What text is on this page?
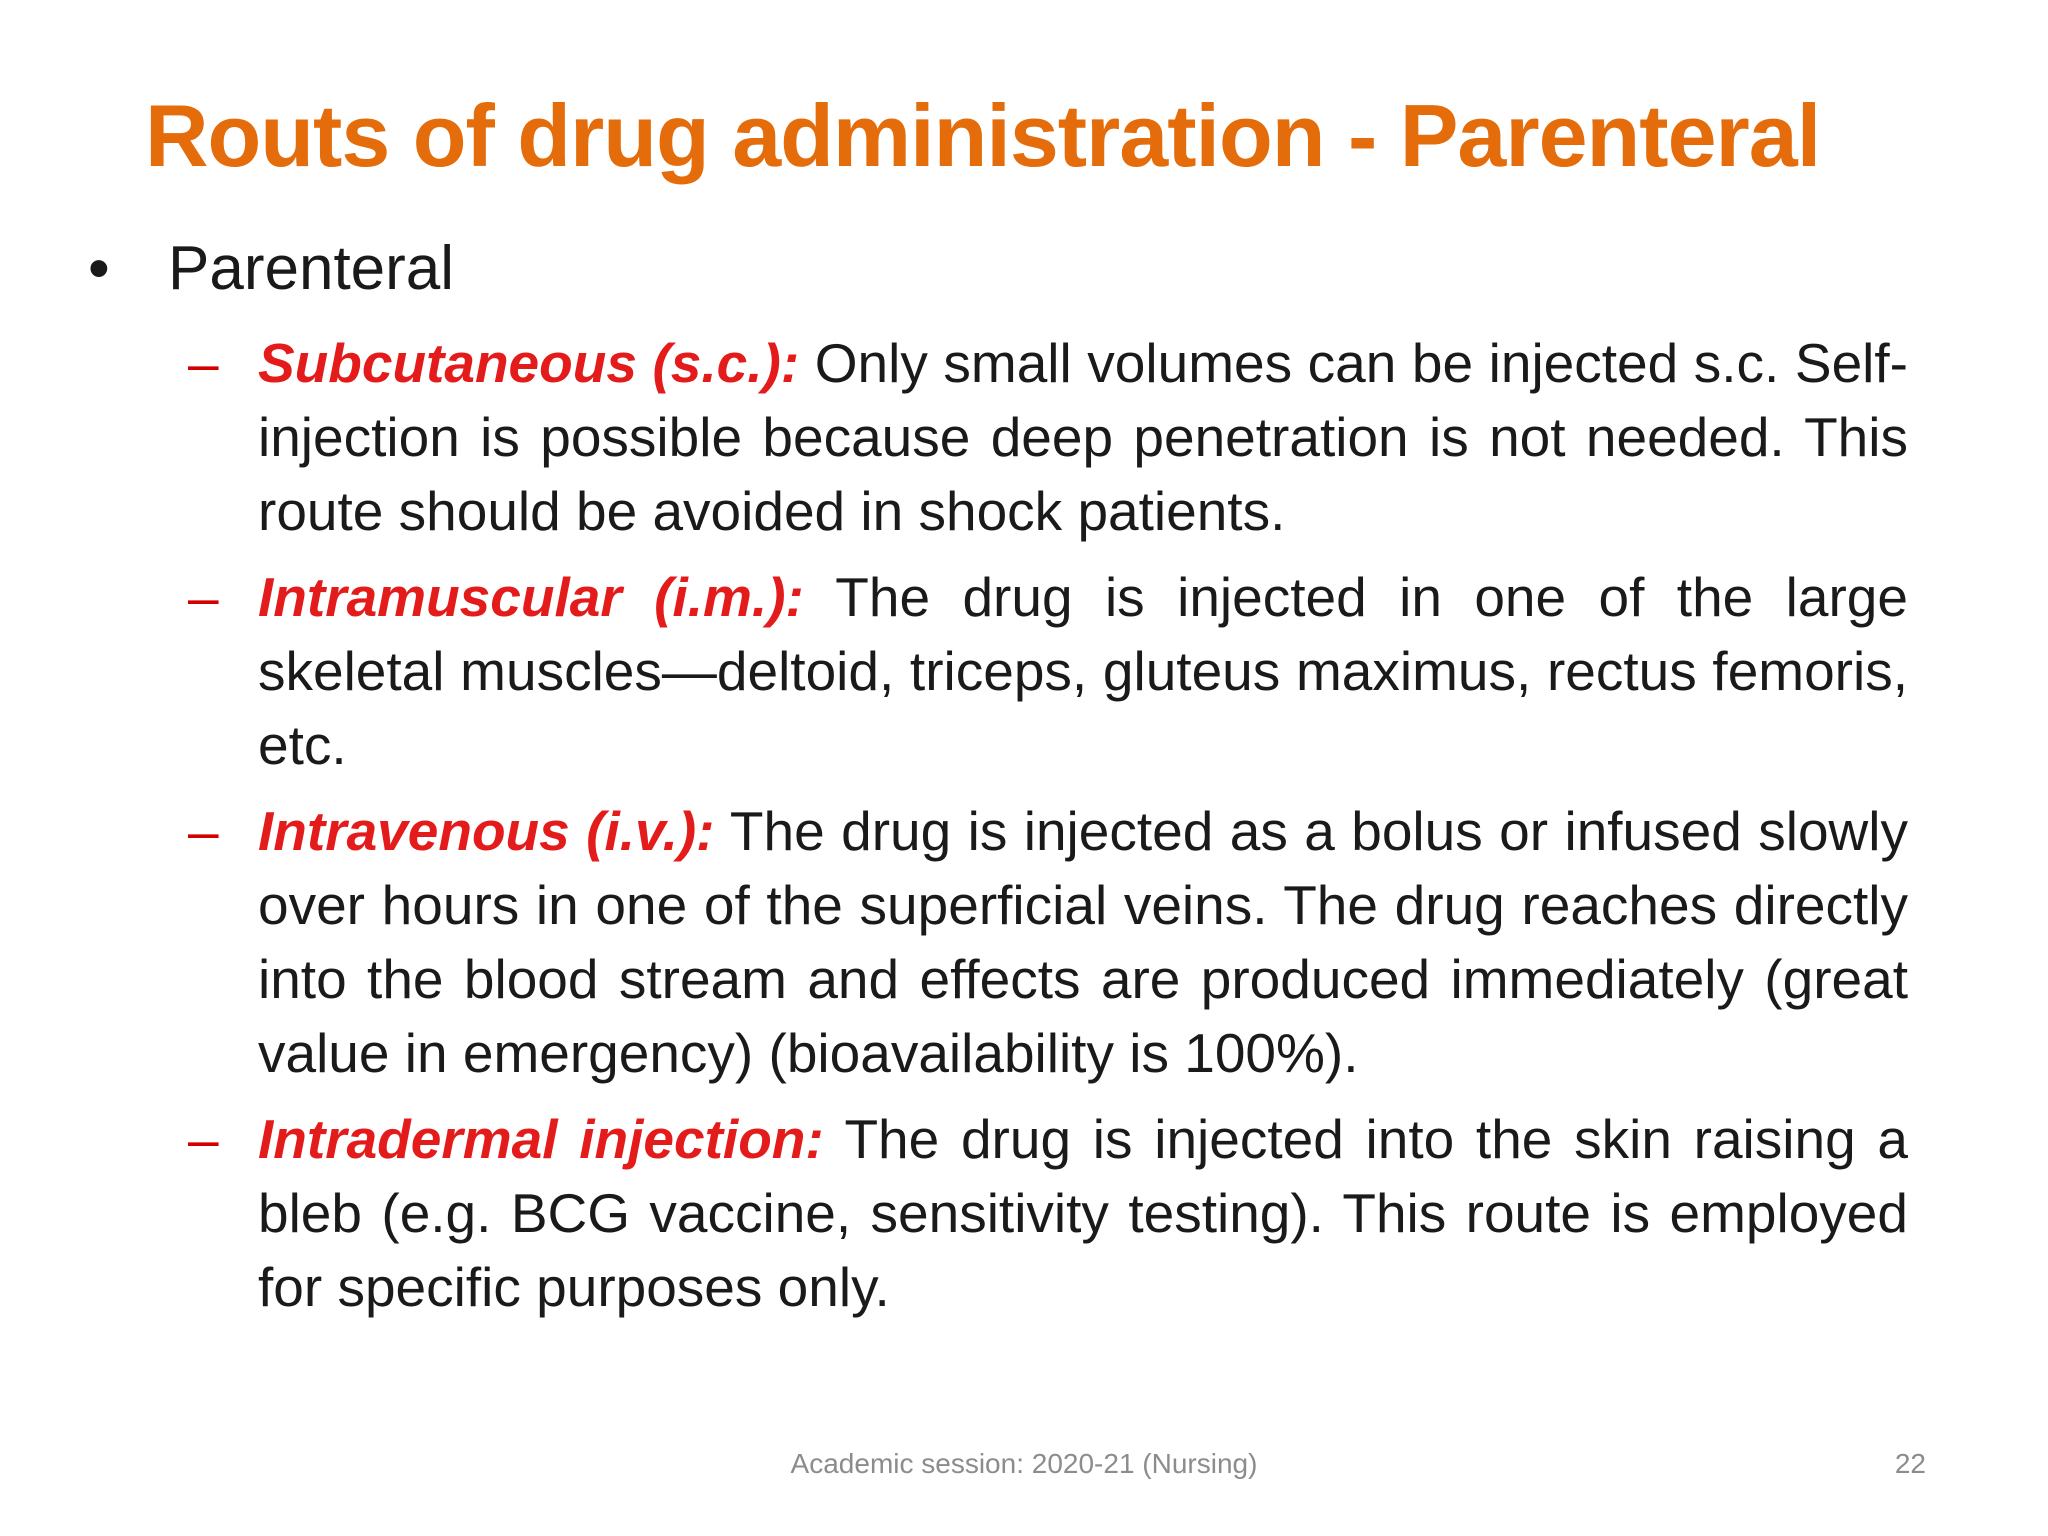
Routs of drug administration - Parenteral
• Parenteral
– Subcutaneous (s.c.): Only small volumes can be injected s.c. Self-injection is possible because deep penetration is not needed. This route should be avoided in shock patients.
– Intramuscular (i.m.): The drug is injected in one of the large skeletal muscles—deltoid, triceps, gluteus maximus, rectus femoris, etc.
– Intravenous (i.v.): The drug is injected as a bolus or infused slowly over hours in one of the superficial veins. The drug reaches directly into the blood stream and effects are produced immediately (great value in emergency) (bioavailability is 100%).
– Intradermal injection: The drug is injected into the skin raising a bleb (e.g. BCG vaccine, sensitivity testing). This route is employed for specific purposes only.
Academic session: 2020-21 (Nursing)	22
